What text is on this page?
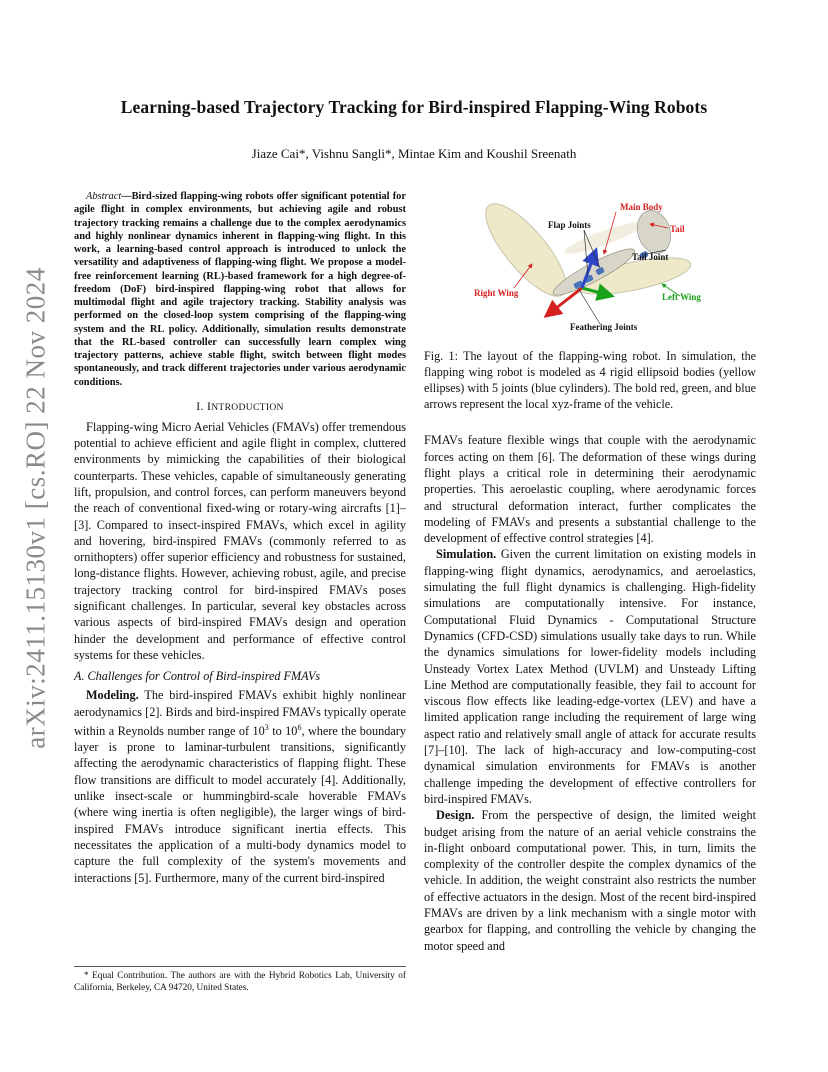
arXiv:2411.15130v1 [cs.RO] 22 Nov 2024
Learning-based Trajectory Tracking for Bird-inspired Flapping-Wing Robots
Jiaze Cai*, Vishnu Sangli*, Mintae Kim and Koushil Sreenath

Abstract—Bird-sized flapping-wing robots offer significant potential for agile flight in complex environments, but achieving agile and robust trajectory tracking remains a challenge due to the complex aerodynamics and highly nonlinear dynamics inherent in flapping-wing flight. In this work, a learning-based control approach is introduced to unlock the versatility and adaptiveness of flapping-wing flight. We propose a model-free reinforcement learning (RL)-based framework for a high degree-of-freedom (DoF) bird-inspired flapping-wing robot that allows for multimodal flight and agile trajectory tracking. Stability analysis was performed on the closed-loop system comprising of the flapping-wing system and the RL policy. Additionally, simulation results demonstrate that the RL-based controller can successfully learn complex wing trajectory patterns, achieve stable flight, switch between flight modes spontaneously, and track different trajectories under various aerodynamic conditions.

I. INTRODUCTION

Flapping-wing Micro Aerial Vehicles (FMAVs) offer tremendous potential to achieve efficient and agile flight in complex, cluttered environments by mimicking the capabilities of their biological counterparts. These vehicles, capable of simultaneously generating lift, propulsion, and control forces, can perform maneuvers beyond the reach of conventional fixed-wing or rotary-wing aircrafts [1]–[3]. Compared to insect-inspired FMAVs, which excel in agility and hovering, bird-inspired FMAVs (commonly referred to as ornithopters) offer superior efficiency and robustness for sustained, long-distance flights. However, achieving robust, agile, and precise trajectory tracking control for bird-inspired FMAVs poses significant challenges. In particular, several key obstacles across various aspects of bird-inspired FMAVs design and operation hinder the development and performance of effective control systems for these vehicles.

A. Challenges for Control of Bird-inspired FMAVs

Modeling. The bird-inspired FMAVs exhibit highly nonlinear aerodynamics [2]. Birds and bird-inspired FMAVs typically operate within a Reynolds number range of $10^3$ to $10^6$, where the boundary layer is prone to laminar-turbulent transitions, significantly affecting the aerodynamic characteristics of flapping flight. These flow transitions are difficult to model accurately [4]. Additionally, unlike insect-scale or hummingbird-scale hoverable FMAVs (where wing inertia is often negligible), the larger wings of bird-inspired FMAVs introduce significant inertia effects. This necessitates the application of a multi-body dynamics model to capture the full complexity of the system's movements and interactions [5]. Furthermore, many of the current bird-inspired

* Equal Contribution. The authors are with the Hybrid Robotics Lab, University of California, Berkeley, CA 94720, United States.

Main Body
Flap Joints	Tail
Tail Joint
Right Wing	Left Wing
Feathering Joints

Fig. 1: The layout of the flapping-wing robot. In simulation, the flapping wing robot is modeled as 4 rigid ellipsoid bodies (yellow ellipses) with 5 joints (blue cylinders). The bold red, green, and blue arrows represent the local xyz-frame of the vehicle.

FMAVs feature flexible wings that couple with the aerodynamic forces acting on them [6]. The deformation of these wings during flight plays a critical role in determining their aerodynamic properties. This aeroelastic coupling, where aerodynamic forces and structural deformation interact, further complicates the modeling of FMAVs and presents a substantial challenge to the development of effective control strategies [4].

Simulation. Given the current limitation on existing models in flapping-wing flight dynamics, aerodynamics, and aeroelastics, simulating the full flight dynamics is challenging. High-fidelity simulations are computationally intensive. For instance, Computational Fluid Dynamics - Computational Structure Dynamics (CFD-CSD) simulations usually take days to run. While the dynamics simulations for lower-fidelity models including Unsteady Vortex Latex Method (UVLM) and Unsteady Lifting Line Method are computationally feasible, they fail to account for viscous flow effects like leading-edge-vortex (LEV) and have a limited application range including the requirement of large wing aspect ratio and relatively small angle of attack for accurate results [7]–[10]. The lack of high-accuracy and low-computing-cost dynamical simulation environments for FMAVs is another challenge impeding the development of effective controllers for bird-inspired FMAVs.

Design. From the perspective of design, the limited weight budget arising from the nature of an aerial vehicle constrains the in-flight onboard computational power. This, in turn, limits the complexity of the controller despite the complex dynamics of the vehicle. In addition, the weight constraint also restricts the number of effective actuators in the design. Most of the recent bird-inspired FMAVs are driven by a link mechanism with a single motor with gearbox for flapping, and controlling the vehicle by changing the motor speed and
